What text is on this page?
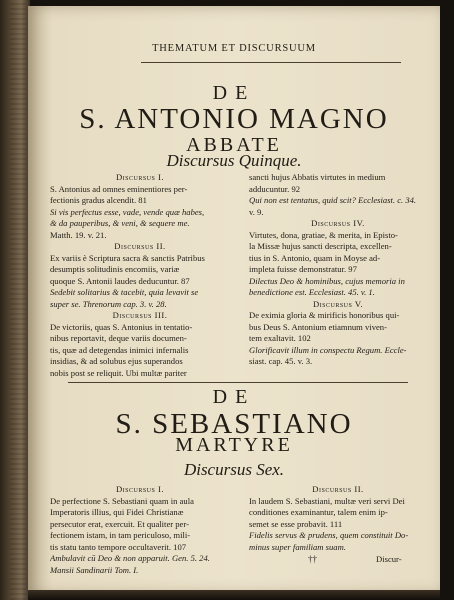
THEMATUM ET DISCURSUUM
DE
S. ANTONIO MAGNO
ABBATE
Discursus Quinque.
Discursus I.
S. Antonius ad omnes eminentiores per-
fectionis gradus alcendit. 81
Si vis perfectus esse, vade, vende quæ habes,
& da pauperibus, & veni, & sequere me.
Matth. 19. v. 21.
Discursus II.
Ex variis è Scriptura sacra & sanctis Patribus
desumptis solitudinis encomiis, variæ
quoque S. Antonii laudes deducuntur. 87
Sedebit solitarius & tacebit, quia levavit se
super se. Threnorum cap. 3. v. 28.
Discursus III.
De victoriis, quas S. Antonius in tentatio-
nibus reportavit, deque variis documen-
tis, quæ ad detegendas inimici infernalis
insidias, & ad solubus ejus superandos
nobis post se reliquit. Ubi multæ pariter
sancti hujus Abbatis virtutes in medium
adducuntur. 92
Qui non est tentatus, quid scit? Ecclesiast. c. 34.
v. 9.
Discursus IV.
Virtutes, dona, gratiae, & merita, in Episto-
la Missæ hujus sancti descripta, excellen-
tius in S. Antonio, quam in Moyse ad-
impleta fuisse demonstratur. 97
Dilectus Deo & hominibus, cujus memoria in
benedictione est. Ecclesiast. 45. v. 1.
Discursus V.
De eximia gloria & mirificis honoribus qui-
bus Deus S. Antonium etiamnum viven-
tem exaltavit. 102
Glorificavit illum in conspectu Regum. Eccle-
siast. cap. 45. v. 3.
DE
S. SEBASTIANO
MARTYRE
Discursus Sex.
Discursus I.
De perfectione S. Sebastiani quam in aula
Imperatoris illius, qui Fidei Christianæ
persecutor erat, exercuit. Et qualiter per-
fectionem istam, in tam periculoso, mili-
tis statu tanto tempore occultaverit. 107
Ambulavit cū Deo & non apparuit. Gen. 5. 24.
Mansii Sandinarii Tom. I.
Discursus II.
In laudem S. Sebastiani, multæ veri servi Dei
conditiones examinantur, talem enim ip-
semet se esse probavit. 111
Fidelis servus & prudens, quem constituit Do-
minus super familiam suam.
††	Discur-
